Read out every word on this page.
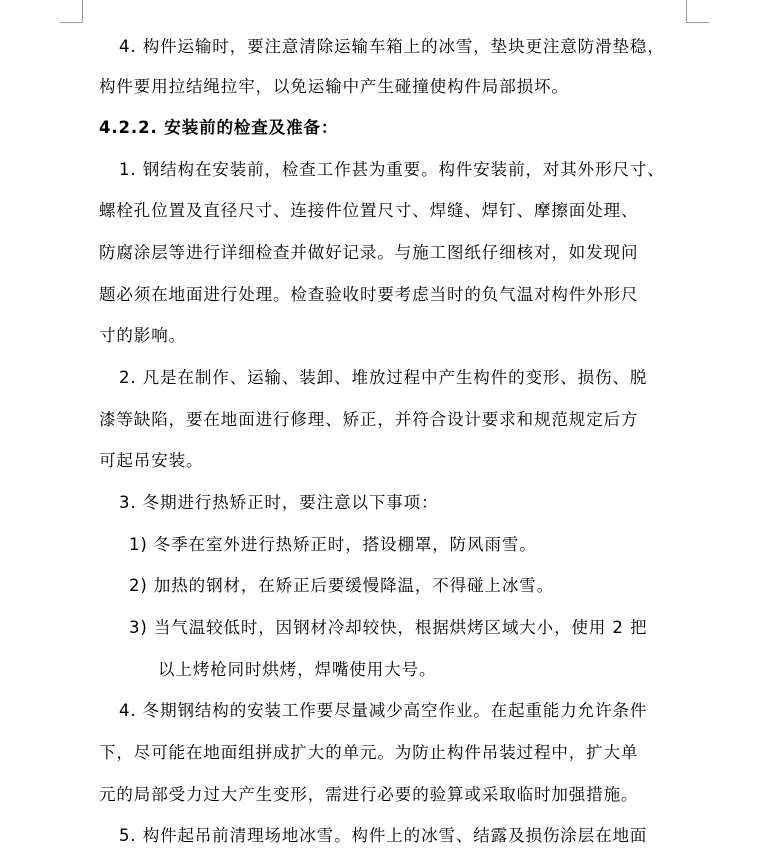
4. 构件运输时，要注意清除运输车箱上的冰雪，垫块更注意防滑垫稳，
构件要用拉结绳拉牢，以免运输中产生碰撞使构件局部损坏。
4.2.2. 安装前的检查及准备：
1. 钢结构在安装前，检查工作甚为重要。构件安装前，对其外形尺寸、
螺栓孔位置及直径尺寸、连接件位置尺寸、焊缝、焊钉、摩擦面处理、
防腐涂层等进行详细检查并做好记录。与施工图纸仔细核对，如发现问
题必须在地面进行处理。检查验收时要考虑当时的负气温对构件外形尺
寸的影响。
2. 凡是在制作、运输、装卸、堆放过程中产生构件的变形、损伤、脱
漆等缺陷，要在地面进行修理、矫正，并符合设计要求和规范规定后方
可起吊安装。
3. 冬期进行热矫正时，要注意以下事项：
1) 冬季在室外进行热矫正时，搭设棚罩，防风雨雪。
2) 加热的钢材，在矫正后要缓慢降温，不得碰上冰雪。
3) 当气温较低时，因钢材冷却较快，根据烘烤区域大小，使用 2 把
以上烤枪同时烘烤，焊嘴使用大号。
4. 冬期钢结构的安装工作要尽量减少高空作业。在起重能力允许条件
下，尽可能在地面组拼成扩大的单元。为防止构件吊装过程中，扩大单
元的局部受力过大产生变形，需进行必要的验算或采取临时加强措施。
5. 构件起吊前清理场地冰雪。构件上的冰雪、结露及损伤涂层在地面
